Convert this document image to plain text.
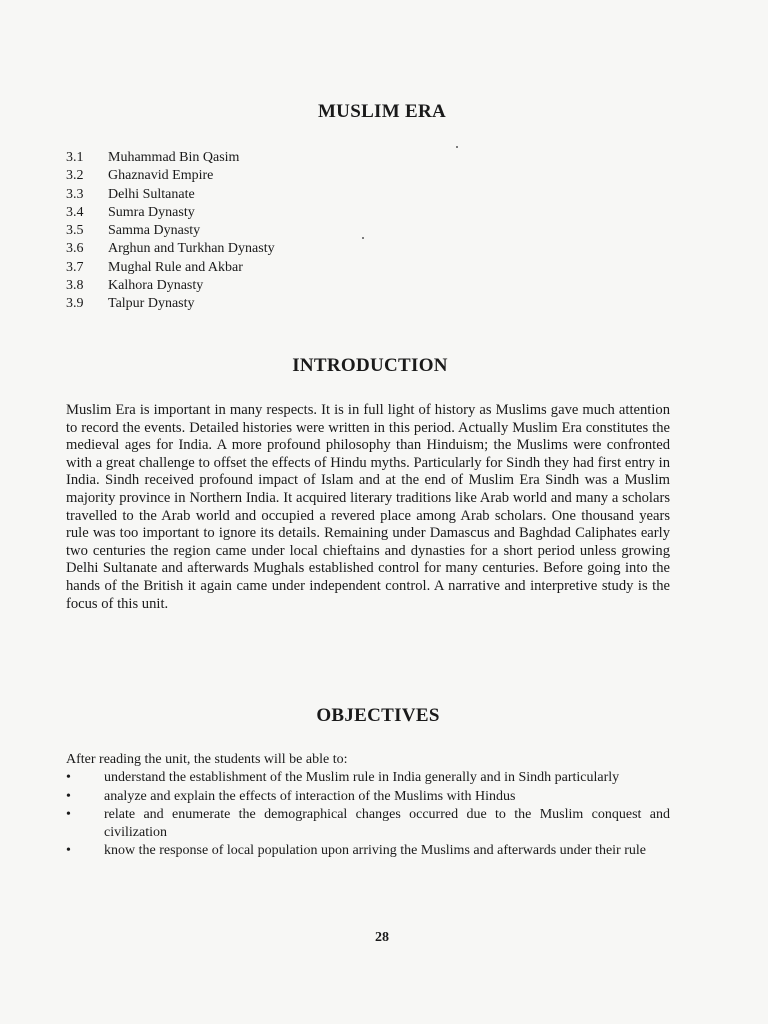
MUSLIM ERA
3.1	Muhammad Bin Qasim
3.2	Ghaznavid Empire
3.3	Delhi Sultanate
3.4	Sumra Dynasty
3.5	Samma Dynasty
3.6	Arghun and Turkhan Dynasty
3.7	Mughal Rule and Akbar
3.8	Kalhora Dynasty
3.9	Talpur Dynasty
INTRODUCTION

Muslim Era is important in many respects. It is in full light of history as Muslims gave much attention to record the events. Detailed histories were written in this period. Actually Muslim Era constitutes the medieval ages for India. A more profound philosophy than Hinduism; the Muslims were confronted with a great challenge to offset the effects of Hindu myths. Particularly for Sindh they had first entry in India. Sindh received profound impact of Islam and at the end of Muslim Era Sindh was a Muslim majority province in Northern India. It acquired literary traditions like Arab world and many a scholars travelled to the Arab world and occupied a revered place among Arab scholars. One thousand years rule was too important to ignore its details. Remaining under Damascus and Baghdad Caliphates early two centuries the region came under local chieftains and dynasties for a short period unless growing Delhi Sultanate and afterwards Mughals established control for many centuries. Before going into the hands of the British it again came under independent control. A narrative and interpretive study is the focus of this unit.

OBJECTIVES
After reading the unit, the students will be able to:
•	understand the establishment of the Muslim rule in India generally and in Sindh particularly
•	analyze and explain the effects of interaction of the Muslims with Hindus
•	relate and enumerate the demographical changes occurred due to the Muslim conquest and civilization
•	know the response of local population upon arriving the Muslims and afterwards under their rule
28
